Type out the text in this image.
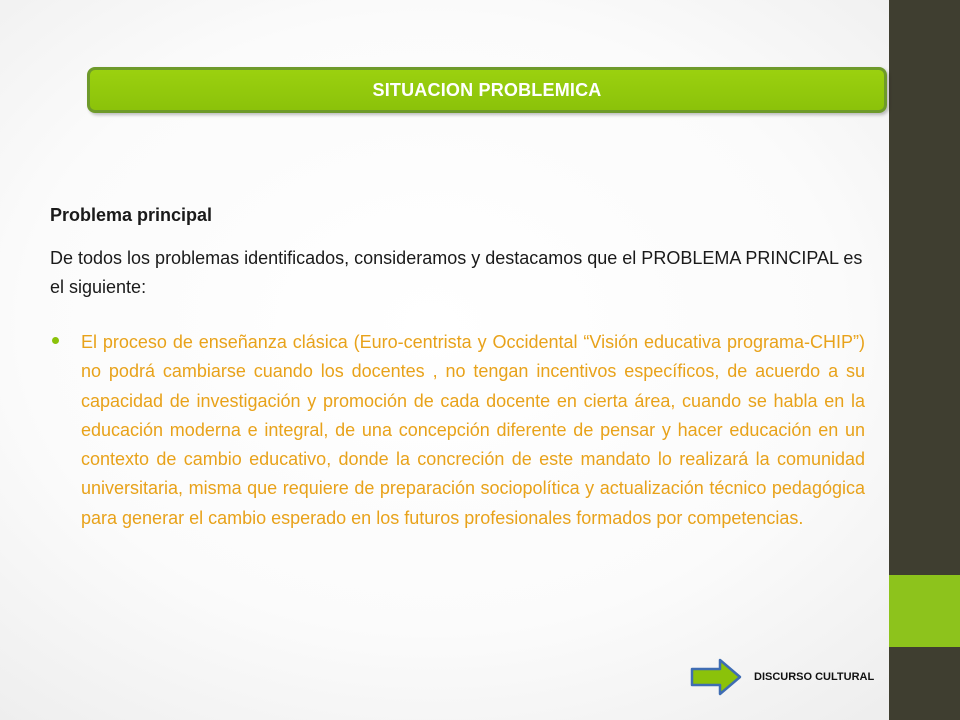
SITUACION PROBLEMICA

Problema principal

De todos los problemas identificados, consideramos y destacamos que el PROBLEMA PRINCIPAL es el siguiente:

El proceso de enseñanza clásica (Euro-centrista y Occidental “Visión educativa programa-CHIP”) no podrá cambiarse cuando los docentes , no tengan incentivos específicos, de acuerdo a su capacidad de investigación y promoción de cada docente en cierta área, cuando se habla en la educación moderna e integral, de una concepción diferente de pensar y hacer educación en un contexto de cambio educativo, donde la concreción de este mandato lo realizará la comunidad universitaria, misma que requiere de preparación sociopolítica y actualización técnico pedagógica para generar el cambio esperado en los futuros profesionales formados por competencias.
DISCURSO CULTURAL
